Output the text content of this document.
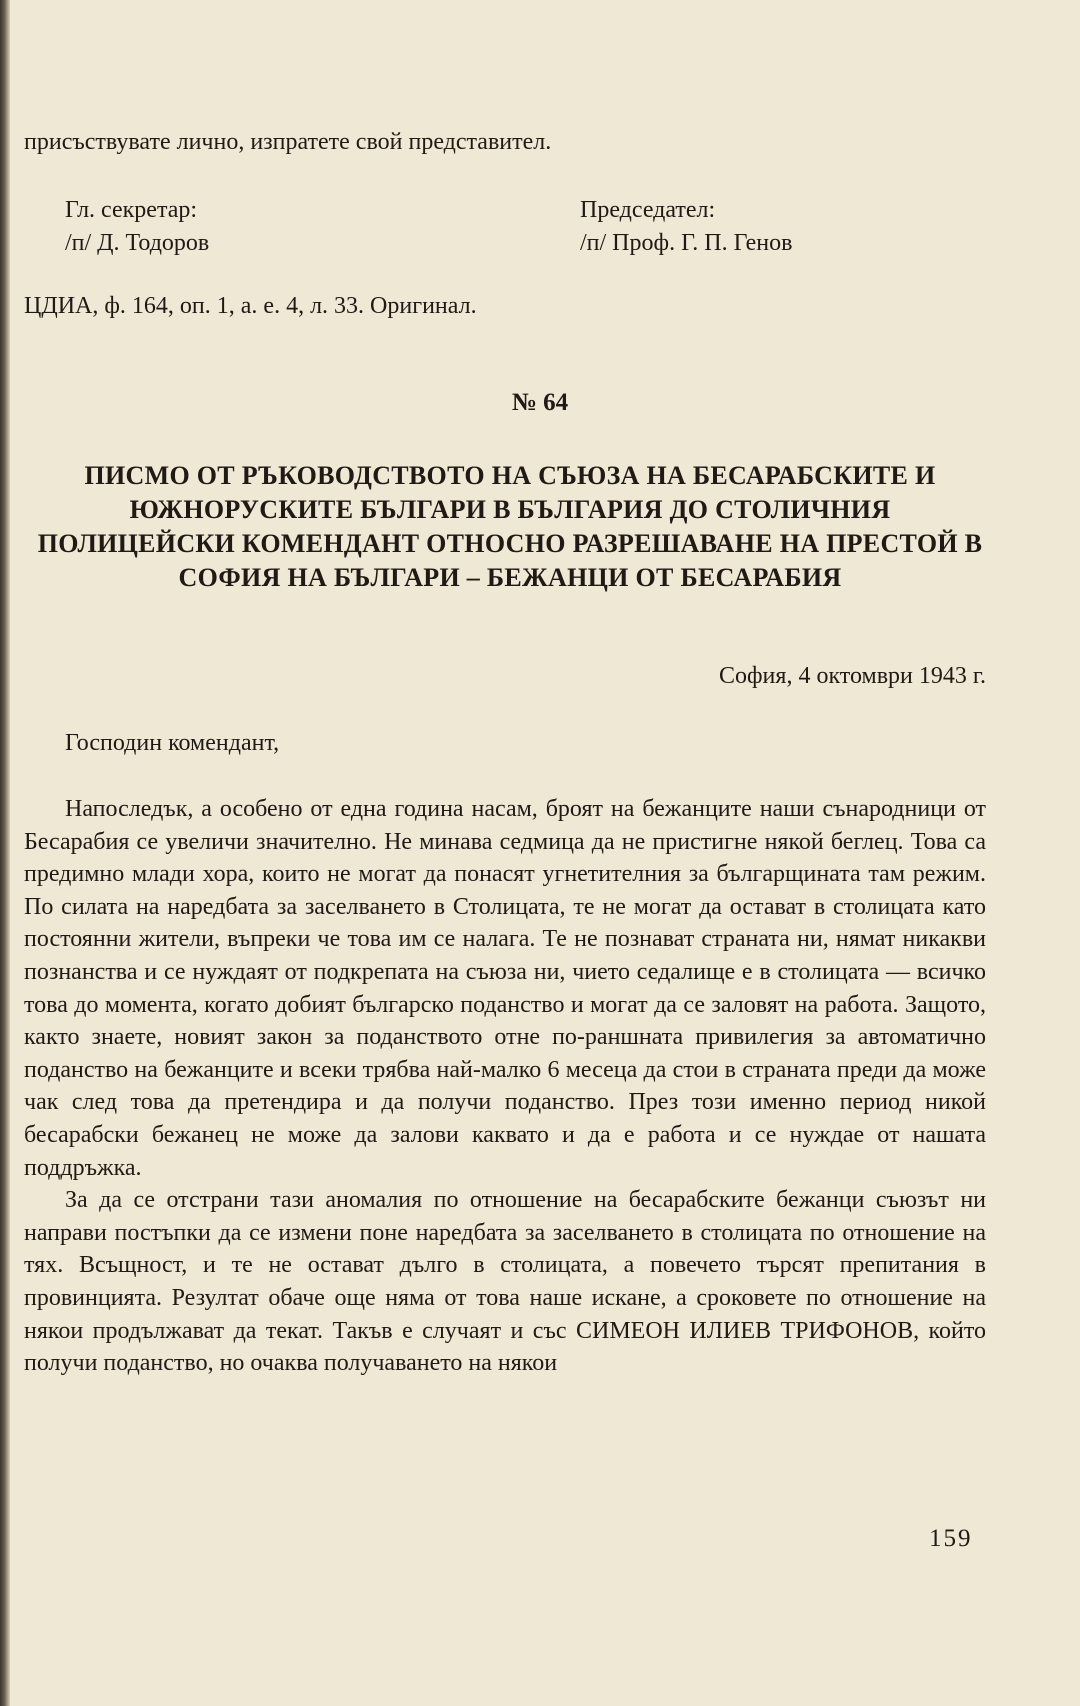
присъствувате лично, изпратете свой представител.
Гл. секретар:
/п/ Д. Тодоров
Председател:
/п/ Проф. Г. П. Генов
ЦДИА, ф. 164, оп. 1, а. е. 4, л. 33. Оригинал.
№ 64
ПИСМО ОТ РЪКОВОДСТВОТО НА СЪЮЗА НА БЕСАРАБСКИТЕ И ЮЖНОРУСКИТЕ БЪЛГАРИ В БЪЛГАРИЯ ДО СТОЛИЧНИЯ ПОЛИЦЕЙСКИ КОМЕНДАНТ ОТНОСНО РАЗРЕШАВАНЕ НА ПРЕСТОЙ В СОФИЯ НА БЪЛГАРИ – БЕЖАНЦИ ОТ БЕСАРАБИЯ
София, 4 октомври 1943 г.
Господин комендант,

Напоследък, а особено от една година насам, броят на бежанците наши сънародници от Бесарабия се увеличи значително. Не минава седмица да не пристигне някой беглец. Това са предимно млади хора, които не могат да понасят угнетителния за българщината там режим. По силата на наредбата за заселването в Столицата, те не могат да остават в столицата като постоянни жители, въпреки че това им се налага. Те не познават страната ни, нямат никакви познанства и се нуждаят от подкрепата на съюза ни, чието седалище е в столицата — всичко това до момента, когато добият българско поданство и могат да се заловят на работа. Защото, както знаете, новият закон за поданството отне по-раншната привилегия за автоматично поданство на бежанците и всеки трябва най-малко 6 месеца да стои в страната преди да може чак след това да претендира и да получи поданство. През този именно период никой бесарабски бежанец не може да залови каквато и да е работа и се нуждае от нашата поддръжка.

За да се отстрани тази аномалия по отношение на бесарабските бежанци съюзът ни направи постъпки да се измени поне наредбата за заселването в столицата по отношение на тях. Всъщност, и те не остават дълго в столицата, а повечето търсят препитания в провинцията. Резултат обаче още няма от това наше искане, а сроковете по отношение на някои продължават да текат. Такъв е случаят и със СИМЕОН ИЛИЕВ ТРИФОНОВ, който получи поданство, но очаква получаването на някои

159
